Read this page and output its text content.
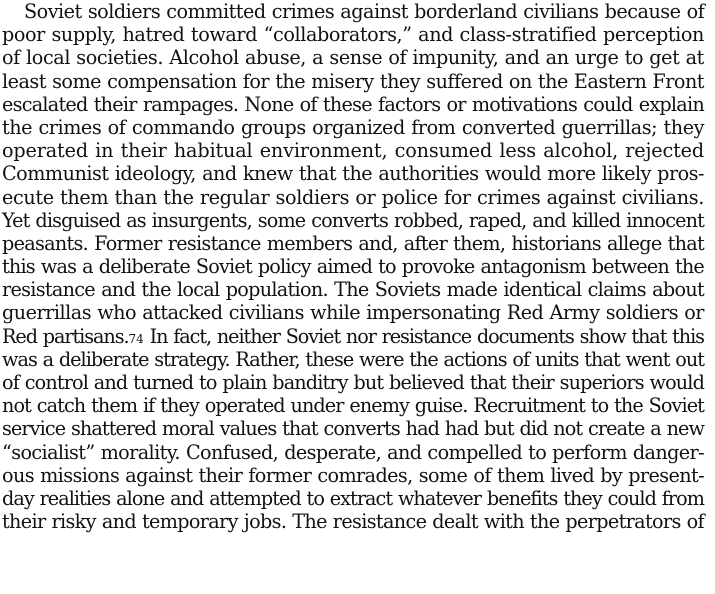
Soviet soldiers committed crimes against borderland civilians because of
poor supply, hatred toward “collaborators,” and class-stratified perception
of local societies. Alcohol abuse, a sense of impunity, and an urge to get at
least some compensation for the misery they suffered on the Eastern Front
escalated their rampages. None of these factors or motivations could explain
the crimes of commando groups organized from converted guerrillas; they
operated in their habitual environment, consumed less alcohol, rejected
Communist ideology, and knew that the authorities would more likely pros-
ecute them than the regular soldiers or police for crimes against civilians.
Yet disguised as insurgents, some converts robbed, raped, and killed innocent
peasants. Former resistance members and, after them, historians allege that
this was a deliberate Soviet policy aimed to provoke antagonism between the
resistance and the local population. The Soviets made identical claims about
guerrillas who attacked civilians while impersonating Red Army soldiers or
Red partisans.74 In fact, neither Soviet nor resistance documents show that this
was a deliberate strategy. Rather, these were the actions of units that went out
of control and turned to plain banditry but believed that their superiors would
not catch them if they operated under enemy guise. Recruitment to the Soviet
service shattered moral values that converts had had but did not create a new
“socialist” morality. Confused, desperate, and compelled to perform danger-
ous missions against their former comrades, some of them lived by present-
day realities alone and attempted to extract whatever benefits they could from
their risky and temporary jobs. The resistance dealt with the perpetrators of
